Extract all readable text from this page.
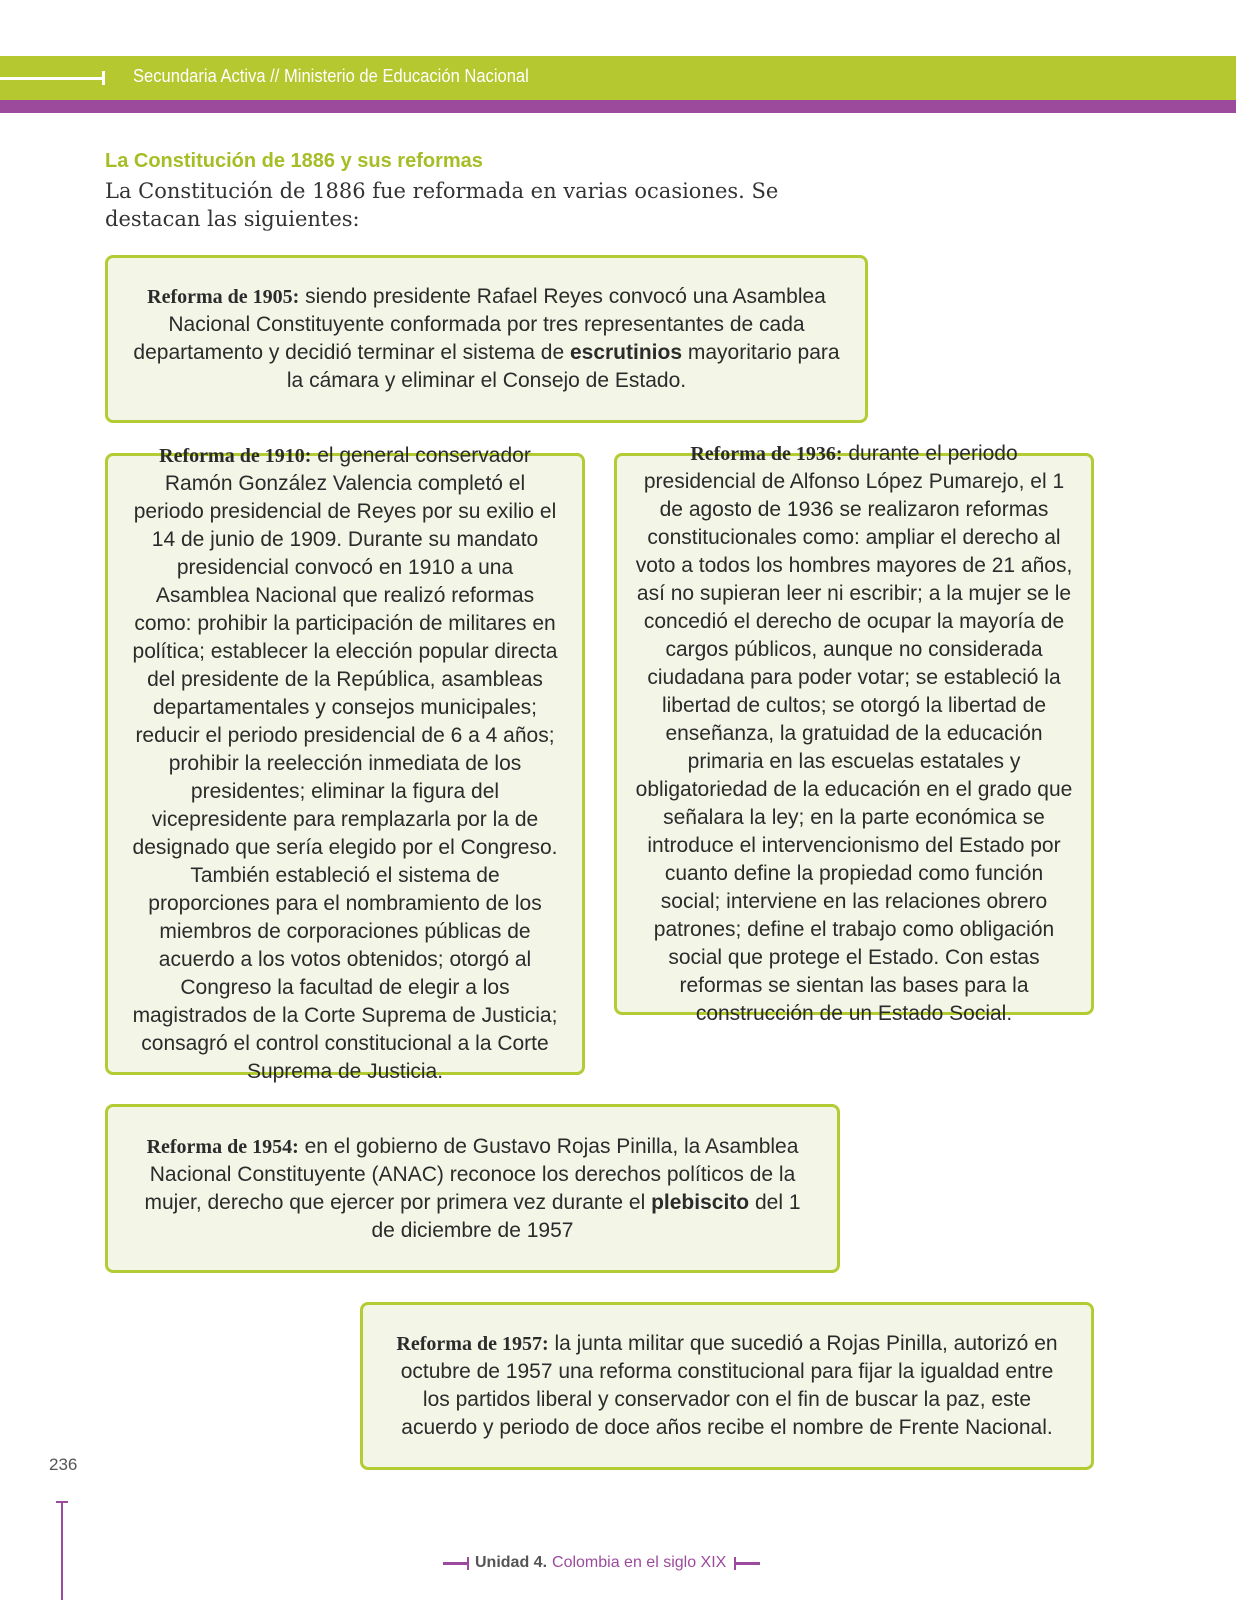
Secundaria Activa // Ministerio de Educación Nacional
La Constitución de 1886 y sus reformas
La Constitución de 1886 fue reformada en varias ocasiones. Se destacan las siguientes:

Reforma de 1905: siendo presidente Rafael Reyes convocó una Asamblea Nacional Constituyente conformada por tres representantes de cada departamento y decidió terminar el sistema de escrutinios mayoritario para la cámara y eliminar el Consejo de Estado.

Reforma de 1910: el general conservador Ramón González Valencia completó el periodo presidencial de Reyes por su exilio el 14 de junio de 1909. Durante su mandato presidencial convocó en 1910 a una Asamblea Nacional que realizó reformas como: prohibir la participación de militares en política; establecer la elección popular directa del presidente de la República, asambleas departamentales y consejos municipales; reducir el periodo presidencial de 6 a 4 años; prohibir la reelección inmediata de los presidentes; eliminar la figura del vicepresidente para remplazarla por la de designado que sería elegido por el Congreso. También estableció el sistema de proporciones para el nombramiento de los miembros de corporaciones públicas de acuerdo a los votos obtenidos; otorgó al Congreso la facultad de elegir a los magistrados de la Corte Suprema de Justicia; consagró el control constitucional a la Corte Suprema de Justicia.

Reforma de 1936: durante el periodo presidencial de Alfonso López Pumarejo, el 1 de agosto de 1936 se realizaron reformas constitucionales como: ampliar el derecho al voto a todos los hombres mayores de 21 años, así no supieran leer ni escribir; a la mujer se le concedió el derecho de ocupar la mayoría de cargos públicos, aunque no considerada ciudadana para poder votar; se estableció la libertad de cultos; se otorgó la libertad de enseñanza, la gratuidad de la educación primaria en las escuelas estatales y obligatoriedad de la educación en el grado que señalara la ley; en la parte económica se introduce el intervencionismo del Estado por cuanto define la propiedad como función social; interviene en las relaciones obrero patrones; define el trabajo como obligación social que protege el Estado. Con estas reformas se sientan las bases para la construcción de un Estado Social.

Reforma de 1954: en el gobierno de Gustavo Rojas Pinilla, la Asamblea Nacional Constituyente (ANAC) reconoce los derechos políticos de la mujer, derecho que ejercer por primera vez durante el plebiscito del 1 de diciembre de 1957

Reforma de 1957: la junta militar que sucedió a Rojas Pinilla, autorizó en octubre de 1957 una reforma constitucional para fijar la igualdad entre los partidos liberal y conservador con el fin de buscar la paz, este acuerdo y periodo de doce años recibe el nombre de Frente Nacional.

236
Unidad 4. Colombia en el siglo XIX
